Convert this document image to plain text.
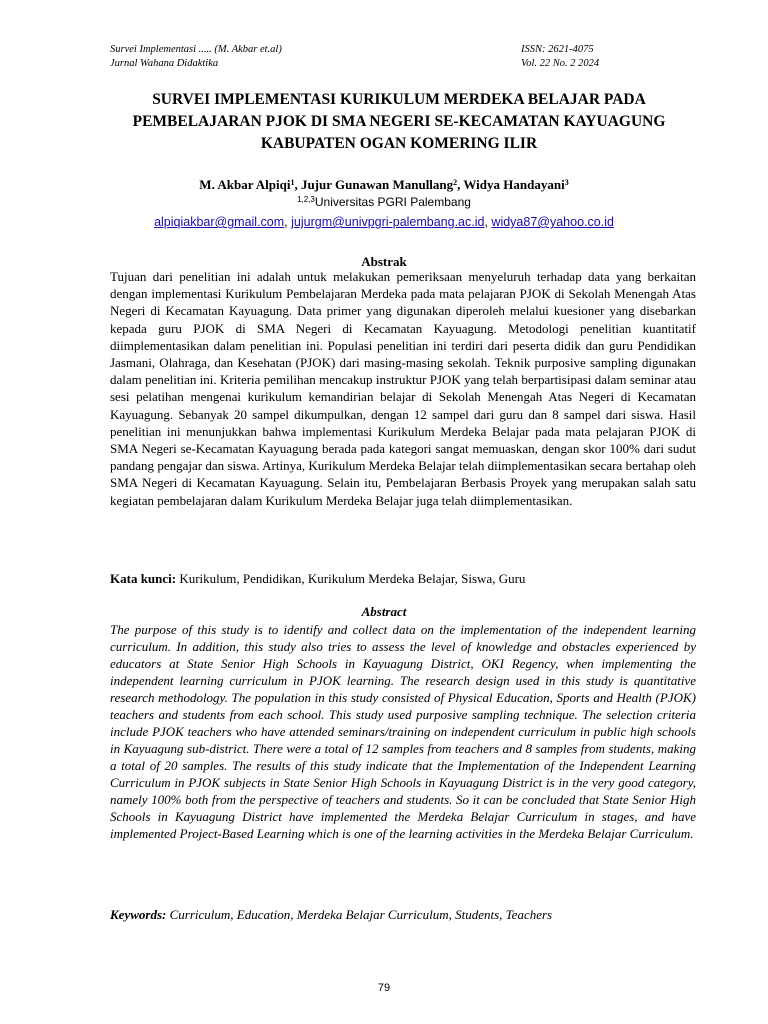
Survei Implementasi ..... (M. Akbar et.al)
Jurnal Wahana Didaktika
ISSN: 2621-4075
Vol. 22 No. 2 2024
SURVEI IMPLEMENTASI KURIKULUM MERDEKA BELAJAR PADA PEMBELAJARAN PJOK DI SMA NEGERI SE-KECAMATAN KAYUAGUNG KABUPATEN OGAN KOMERING ILIR
M. Akbar Alpiqi$^1$, Jujur Gunawan Manullang$^2$, Widya Handayani$^3$
$^{1,2,3}$Universitas PGRI Palembang
alpiqiakbar@gmail.com, jujurgm@univpgri-palembang.ac.id, widya87@yahoo.co.id
Abstrak
Tujuan dari penelitian ini adalah untuk melakukan pemeriksaan menyeluruh terhadap data yang berkaitan dengan implementasi Kurikulum Pembelajaran Merdeka pada mata pelajaran PJOK di Sekolah Menengah Atas Negeri di Kecamatan Kayuagung. Data primer yang digunakan diperoleh melalui kuesioner yang disebarkan kepada guru PJOK di SMA Negeri di Kecamatan Kayuagung. Metodologi penelitian kuantitatif diimplementasikan dalam penelitian ini. Populasi penelitian ini terdiri dari peserta didik dan guru Pendidikan Jasmani, Olahraga, dan Kesehatan (PJOK) dari masing-masing sekolah. Teknik purposive sampling digunakan dalam penelitian ini. Kriteria pemilihan mencakup instruktur PJOK yang telah berpartisipasi dalam seminar atau sesi pelatihan mengenai kurikulum kemandirian belajar di Sekolah Menengah Atas Negeri di Kecamatan Kayuagung. Sebanyak 20 sampel dikumpulkan, dengan 12 sampel dari guru dan 8 sampel dari siswa. Hasil penelitian ini menunjukkan bahwa implementasi Kurikulum Merdeka Belajar pada mata pelajaran PJOK di SMA Negeri se-Kecamatan Kayuagung berada pada kategori sangat memuaskan, dengan skor 100% dari sudut pandang pengajar dan siswa. Artinya, Kurikulum Merdeka Belajar telah diimplementasikan secara bertahap oleh SMA Negeri di Kecamatan Kayuagung. Selain itu, Pembelajaran Berbasis Proyek yang merupakan salah satu kegiatan pembelajaran dalam Kurikulum Merdeka Belajar juga telah diimplementasikan.
Kata kunci: Kurikulum, Pendidikan, Kurikulum Merdeka Belajar, Siswa, Guru
Abstract
The purpose of this study is to identify and collect data on the implementation of the independent learning curriculum. In addition, this study also tries to assess the level of knowledge and obstacles experienced by educators at State Senior High Schools in Kayuagung District, OKI Regency, when implementing the independent learning curriculum in PJOK learning. The research design used in this study is quantitative research methodology. The population in this study consisted of Physical Education, Sports and Health (PJOK) teachers and students from each school. This study used purposive sampling technique. The selection criteria include PJOK teachers who have attended seminars/training on independent curriculum in public high schools in Kayuagung sub-district. There were a total of 12 samples from teachers and 8 samples from students, making a total of 20 samples. The results of this study indicate that the Implementation of the Independent Learning Curriculum in PJOK subjects in State Senior High Schools in Kayuagung District is in the very good category, namely 100% both from the perspective of teachers and students. So it can be concluded that State Senior High Schools in Kayuagung District have implemented the Merdeka Belajar Curriculum in stages, and have implemented Project-Based Learning which is one of the learning activities in the Merdeka Belajar Curriculum.
Keywords: Curriculum, Education, Merdeka Belajar Curriculum, Students, Teachers
79
